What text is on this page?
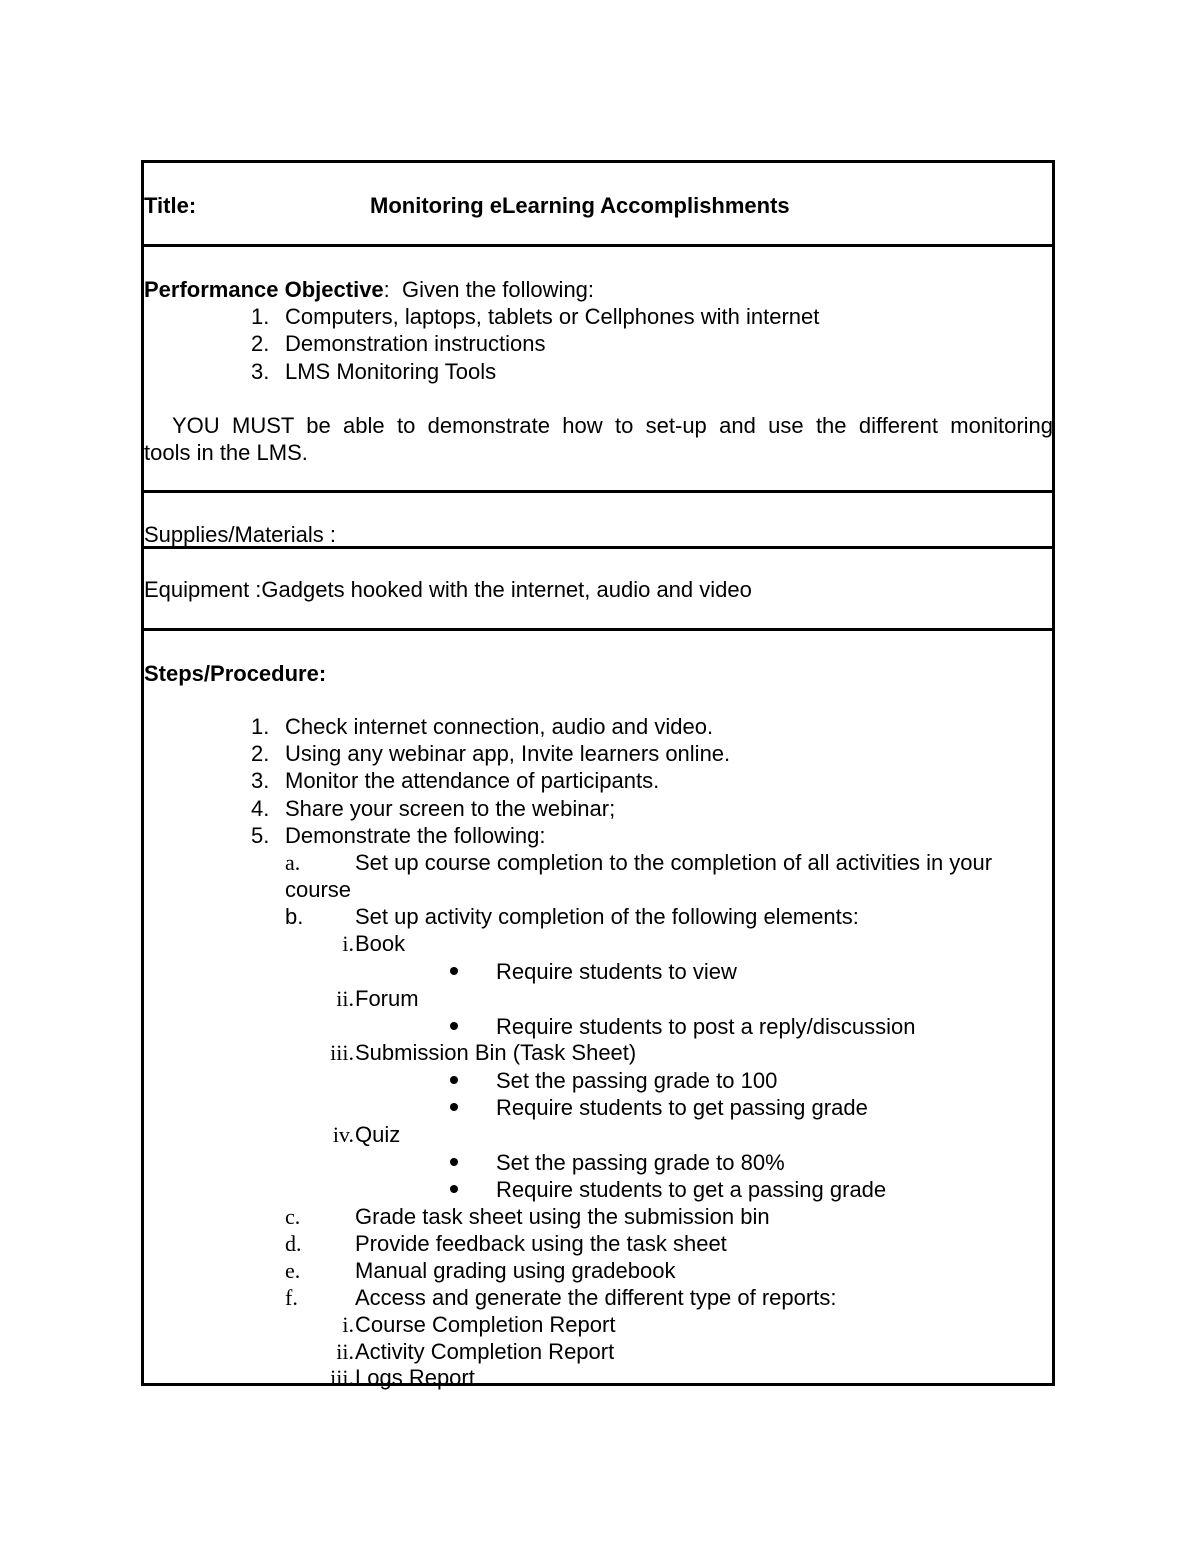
Title:	Monitoring eLearning Accomplishments
Performance Objective: Given the following:
1. Computers, laptops, tablets or Cellphones with internet
2. Demonstration instructions
3. LMS Monitoring Tools
YOU MUST be able to demonstrate how to set-up and use the different monitoring
tools in the LMS.
Supplies/Materials :
Equipment :Gadgets hooked with the internet, audio and video
Steps/Procedure:
1. Check internet connection, audio and video.
2. Using any webinar app, Invite learners online.
3. Monitor the attendance of participants.
4. Share your screen to the webinar;
5. Demonstrate the following:
a. Set up course completion to the completion of all activities in your
course
b. Set up activity completion of the following elements:
i. Book
Require students to view
ii. Forum
Require students to post a reply/discussion
iii. Submission Bin (Task Sheet)
Set the passing grade to 100
Require students to get passing grade
iv. Quiz
Set the passing grade to 80%
Require students to get a passing grade
c. Grade task sheet using the submission bin
d. Provide feedback using the task sheet
e. Manual grading using gradebook
f.	Access and generate the different type of reports:
i. Course Completion Report
ii. Activity Completion Report
iii. Logs Report
